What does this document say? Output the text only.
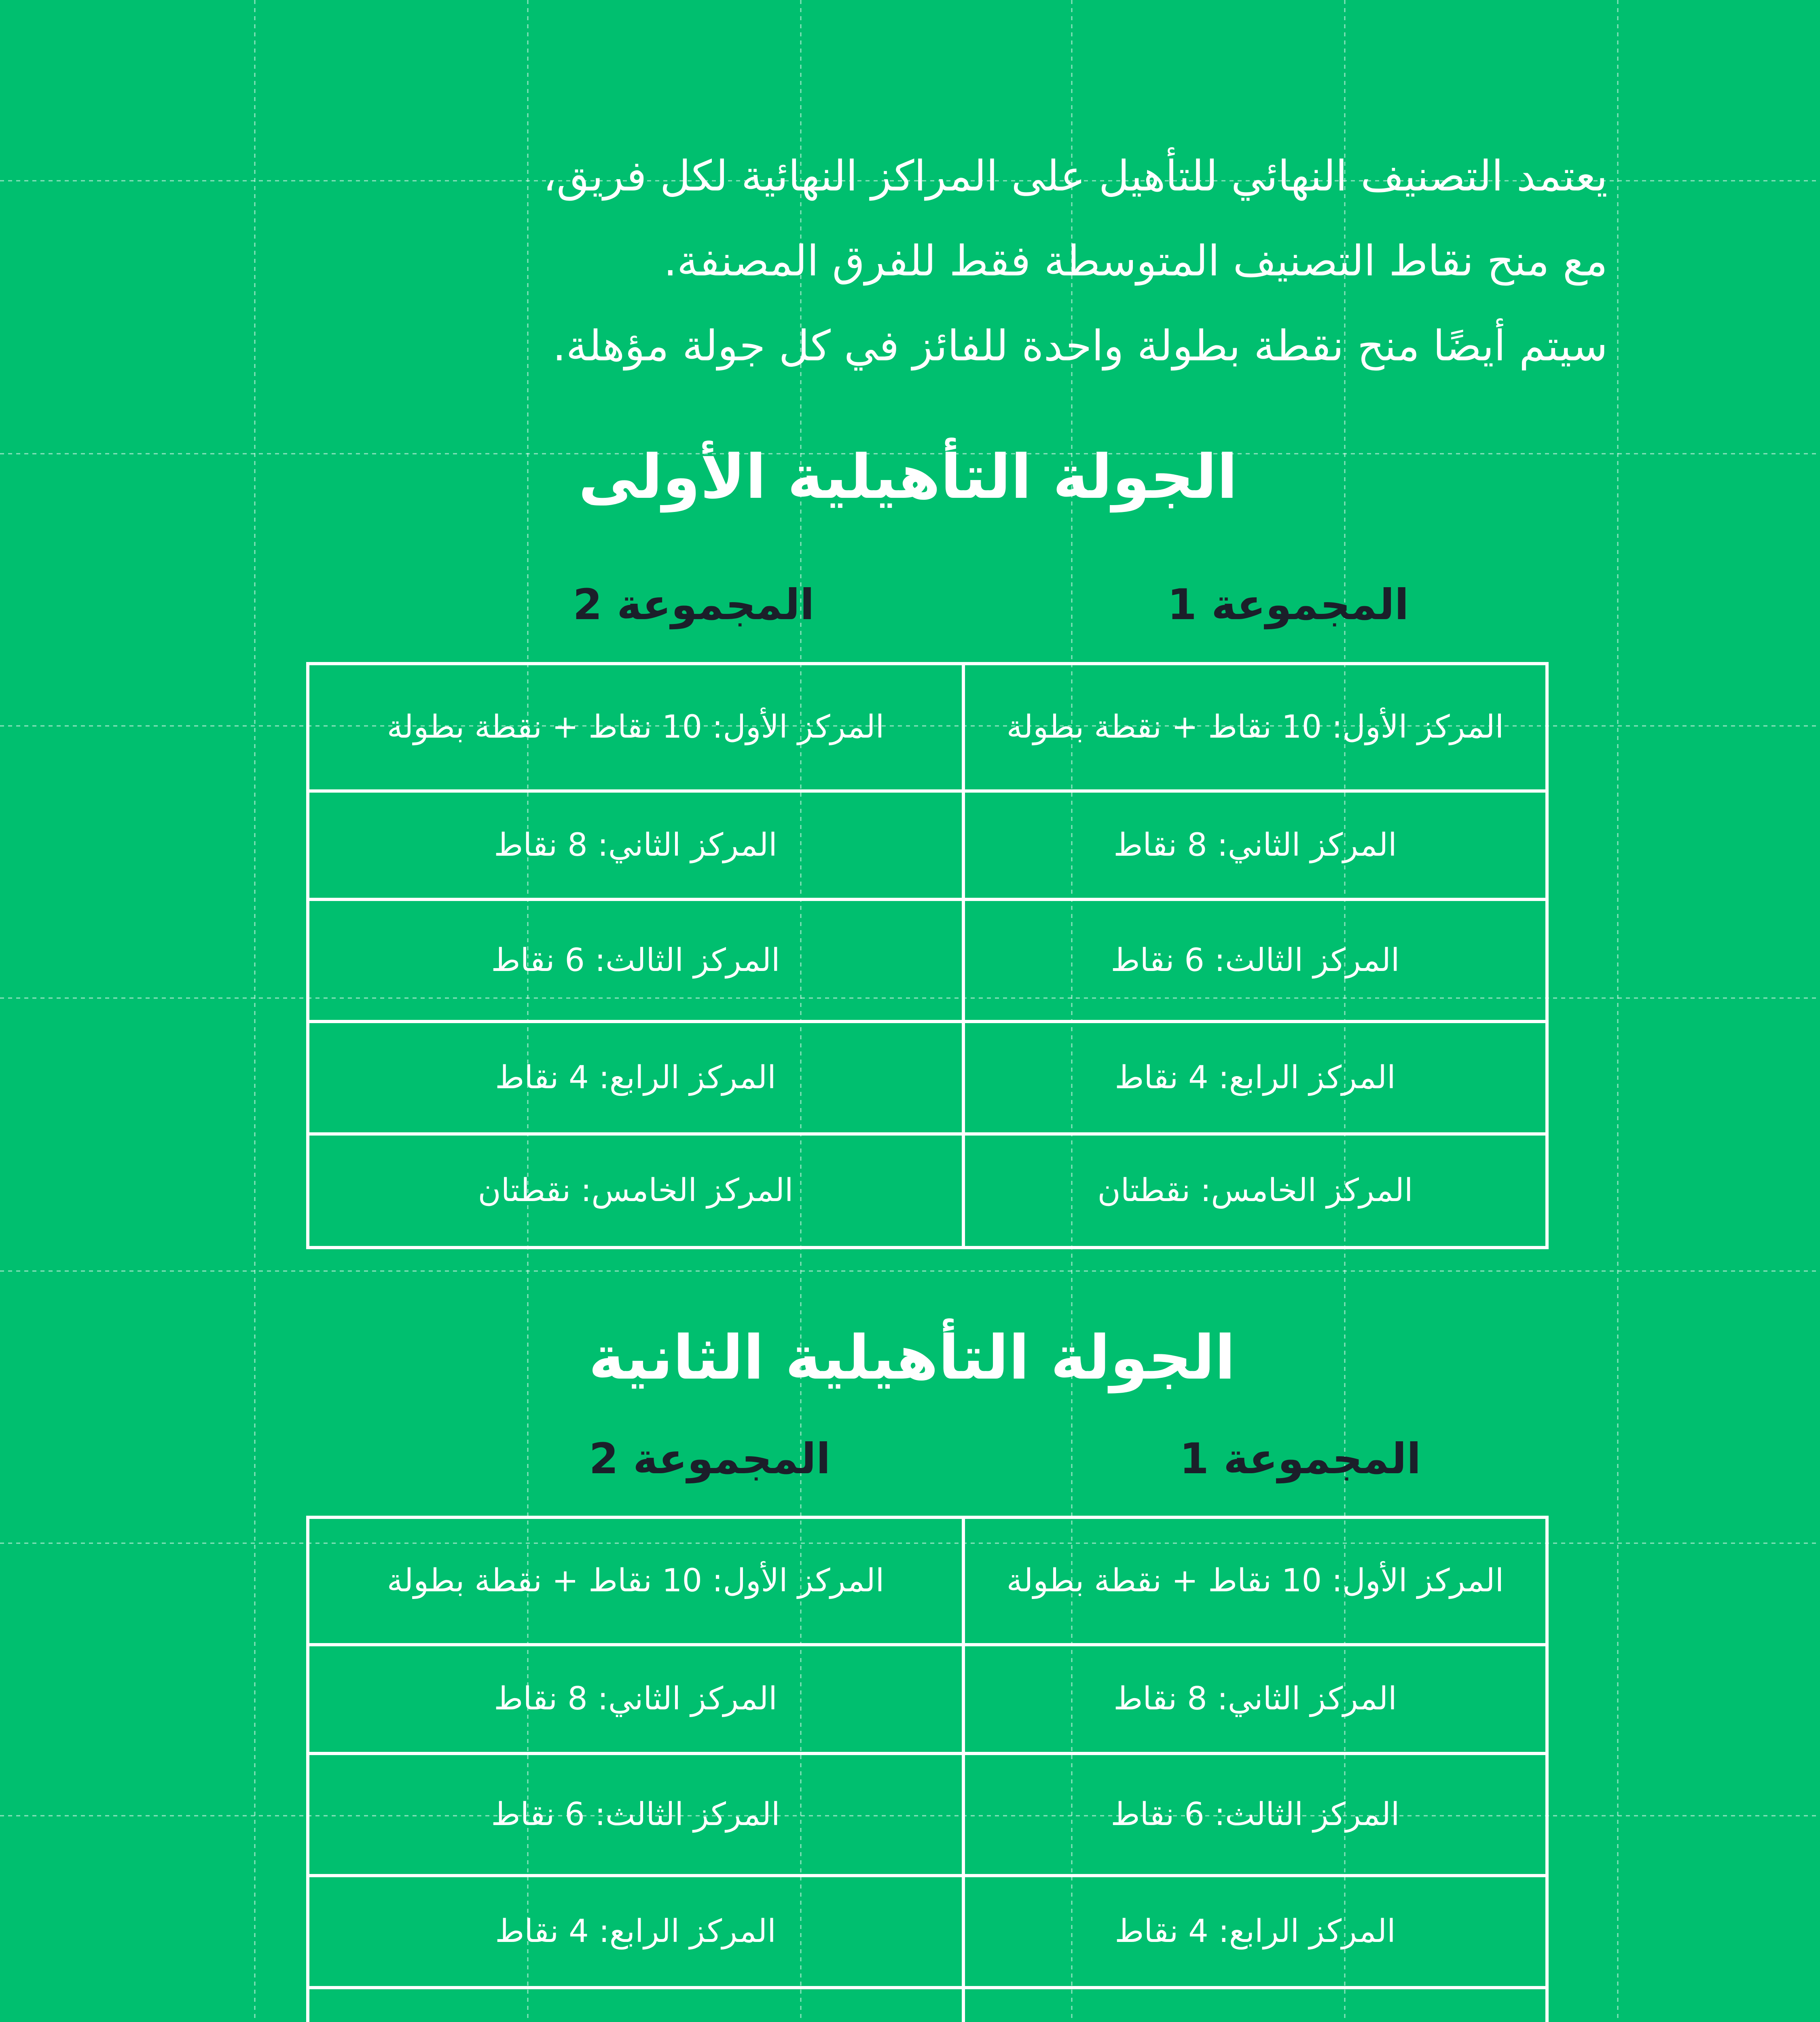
يعتمد التصنيف النهائي للتأهيل على المراكز النهائية لكل فريق،
مع منح نقاط التصنيف المتوسطة فقط للفرق المصنفة.
سيتم أيضًا منح نقطة بطولة واحدة للفائز في كل جولة مؤهلة.
الجولة التأهيلية الأولى
المجموعة 1
المجموعة 2
المركز الأول: 10 نقاط + نقطة بطولة
المركز الثاني: 8 نقاط
المركز الثالث: 6 نقاط
المركز الرابع: 4 نقاط
المركز الخامس: نقطتان
المركز الأول: 10 نقاط + نقطة بطولة
المركز الثاني: 8 نقاط
المركز الثالث: 6 نقاط
المركز الرابع: 4 نقاط
المركز الخامس: نقطتان
الجولة التأهيلية الثانية
المجموعة 1
المجموعة 2
المركز الأول: 10 نقاط + نقطة بطولة
المركز الثاني: 8 نقاط
المركز الثالث: 6 نقاط
المركز الرابع: 4 نقاط
المركز الأول: 10 نقاط + نقطة بطولة
المركز الثاني: 8 نقاط
المركز الثالث: 6 نقاط
المركز الرابع: 4 نقاط
